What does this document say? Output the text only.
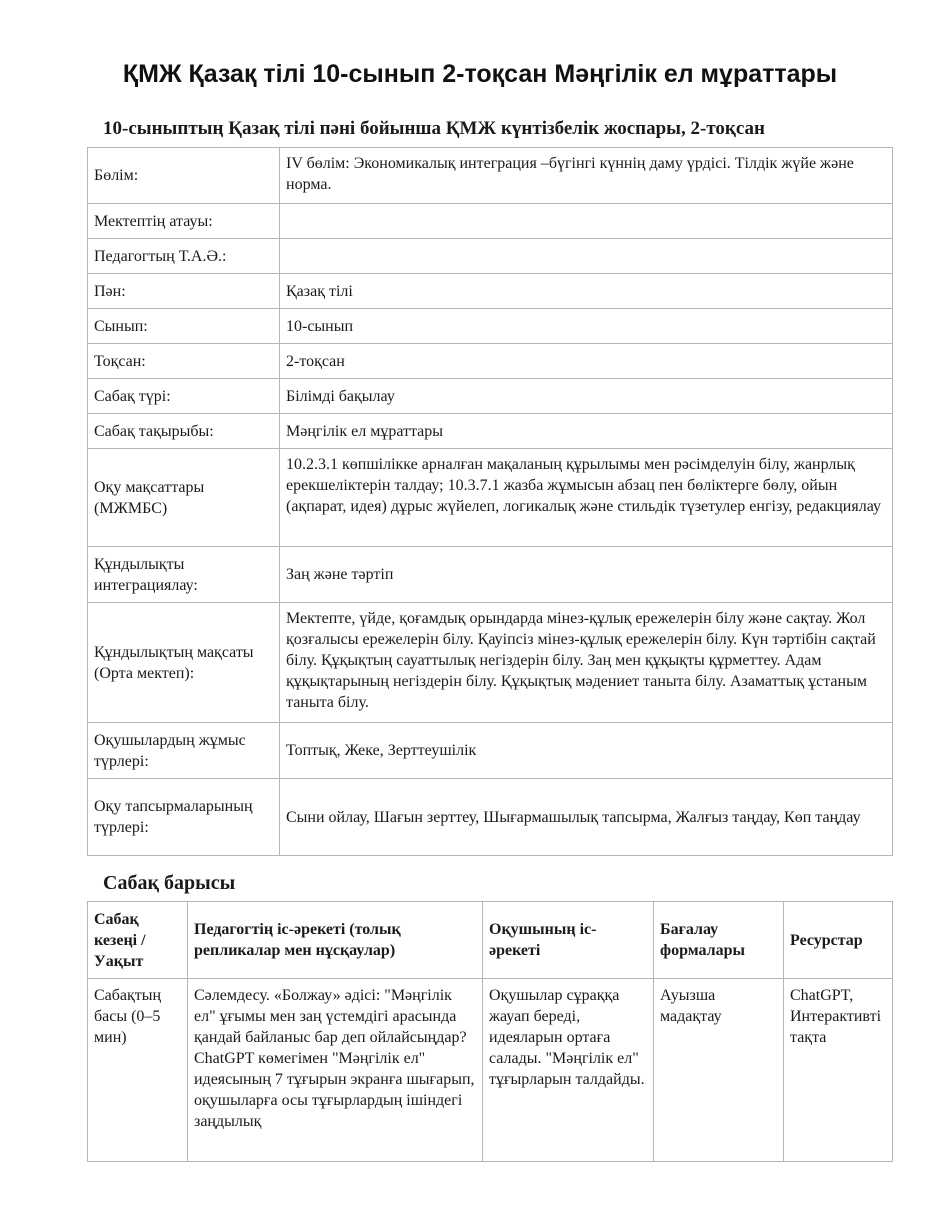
ҚМЖ Қазақ тілі 10-сынып 2-тоқсан Мәңгілік ел мұраттары
10-сыныптың Қазақ тілі пәні бойынша ҚМЖ күнтізбелік жоспары, 2-тоқсан
Бөлім:	IV бөлім: Экономикалық интеграция –бүгінгі күннің даму үрдісі. Тілдік жүйе және норма.
Мектептің атауы:	
Педагогтың Т.А.Ә.:	
Пән:	Қазақ тілі
Сынып:	10-сынып
Тоқсан:	2-тоқсан
Сабақ түрі:	Білімді бақылау
Сабақ тақырыбы:	Мәңгілік ел мұраттары
Оқу мақсаттары (МЖМБС)	10.2.3.1 көпшілікке арналған мақаланың құрылымы мен рәсімделуін білу, жанрлық ерекшеліктерін талдау; 10.3.7.1 жазба жұмысын абзац пен бөліктерге бөлу, ойын (ақпарат, идея) дұрыс жүйелеп, логикалық және стильдік түзетулер енгізу, редакциялау
Құндылықты интеграциялау:	Заң және тәртіп
Құндылықтың мақсаты (Орта мектеп):	Мектепте, үйде, қоғамдық орындарда мінез-құлық ережелерін білу және сақтау. Жол қозғалысы ережелерін білу. Қауіпсіз мінез-құлық ережелерін білу. Күн тәртібін сақтай білу. Құқықтың сауаттылық негіздерін білу. Заң мен құқықты құрметтеу. Адам құқықтарының негіздерін білу. Құқықтық мәдениет таныта білу. Азаматтық ұстаным таныта білу.
Оқушылардың жұмыс түрлері:	Топтық, Жеке, Зерттеушілік
Оқу тапсырмаларының түрлері:	Сыни ойлау, Шағын зерттеу, Шығармашылық тапсырма, Жалғыз таңдау, Көп таңдау
Сабақ барысы
Сабақ кезеңі / Уақыт	Педагогтің іс-әрекеті (толық репликалар мен нұсқаулар)	Оқушының іс-әрекеті	Бағалау формалары	Ресурстар
Сабақтың басы (0–5 мин)	Сәлемдесу. «Болжау» әдісі: "Мәңгілік ел" ұғымы мен заң үстемдігі арасында қандай байланыс бар деп ойлайсыңдар? ChatGPT көмегімен "Мәңгілік ел" идеясының 7 тұғырын экранға шығарып, оқушыларға осы тұғырлардың ішіндегі заңдылық	Оқушылар сұраққа жауап береді, идеяларын ортаға салады. "Мәңгілік ел" тұғырларын талдайды.	Ауызша мадақтау	ChatGPT, Интерактивті тақта
